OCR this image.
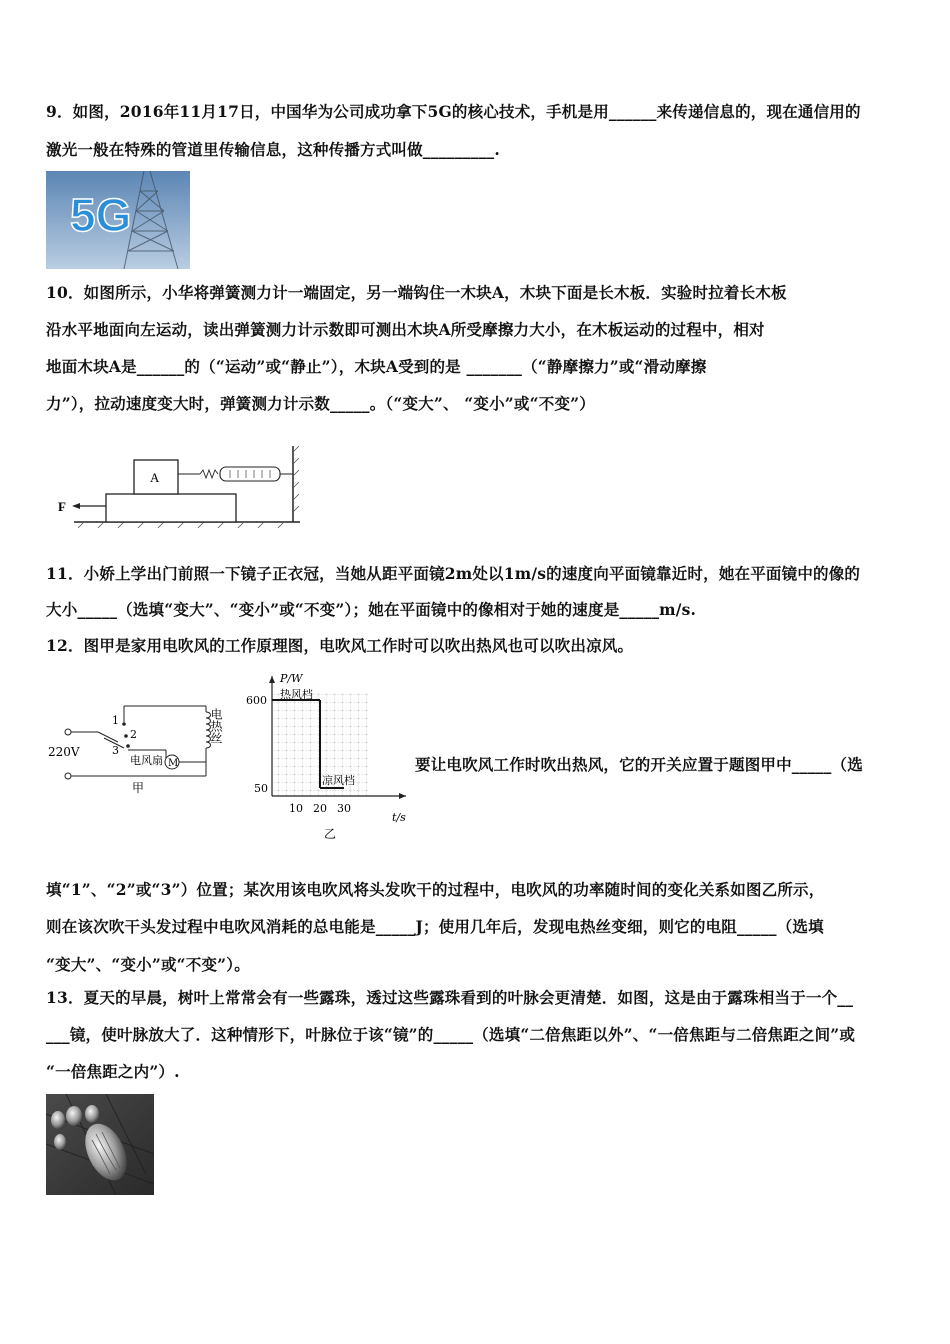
9．如图，2016年11月17日，中国华为公司成功拿下5G的核心技术，手机是用______来传递信息的，现在通信用的
激光一般在特殊的管道里传输信息，这种传播方式叫做_________.
5G
10．如图所示，小华将弹簧测力计一端固定，另一端钩住一木块A，木块下面是长木板．实验时拉着长木板
沿水平地面向左运动，读出弹簧测力计示数即可测出木块A所受摩擦力大小，在木板运动的过程中，相对
地面木块A是______的（“运动”或“静止”），木块A受到的是 _______（“静摩擦力”或“滑动摩擦
力”），拉动速度变大时，弹簧测力计示数_____。（“变大”、 “变小”或“不变”）
A
F
11．小娇上学出门前照一下镜子正衣冠，当她从距平面镜2m处以1m/s的速度向平面镜靠近时，她在平面镜中的像的
大小_____（选填“变大”、“变小”或“不变”）；她在平面镜中的像相对于她的速度是_____m/s.
12．图甲是家用电吹风的工作原理图，电吹风工作时可以吹出热风也可以吹出凉风。
1
2
3
电风扇 M
220V
电热丝
甲
热风档
凉风档
10 20 30
50
600
P/W
t/s
乙
要让电吹风工作时吹出热风，它的开关应置于题图甲中_____（选
填“1”、“2”或“3”）位置；某次用该电吹风将头发吹干的过程中，电吹风的功率随时间的变化关系如图乙所示，
则在该次吹干头发过程中电吹风消耗的总电能是_____J；使用几年后，发现电热丝变细，则它的电阻_____（选填
“变大”、“变小”或“不变”）。
13．夏天的早晨，树叶上常常会有一些露珠，透过这些露珠看到的叶脉会更清楚．如图，这是由于露珠相当于一个__
___镜，使叶脉放大了．这种情形下，叶脉位于该“镜”的_____（选填“二倍焦距以外”、“一倍焦距与二倍焦距之间”或
“一倍焦距之内”）.
